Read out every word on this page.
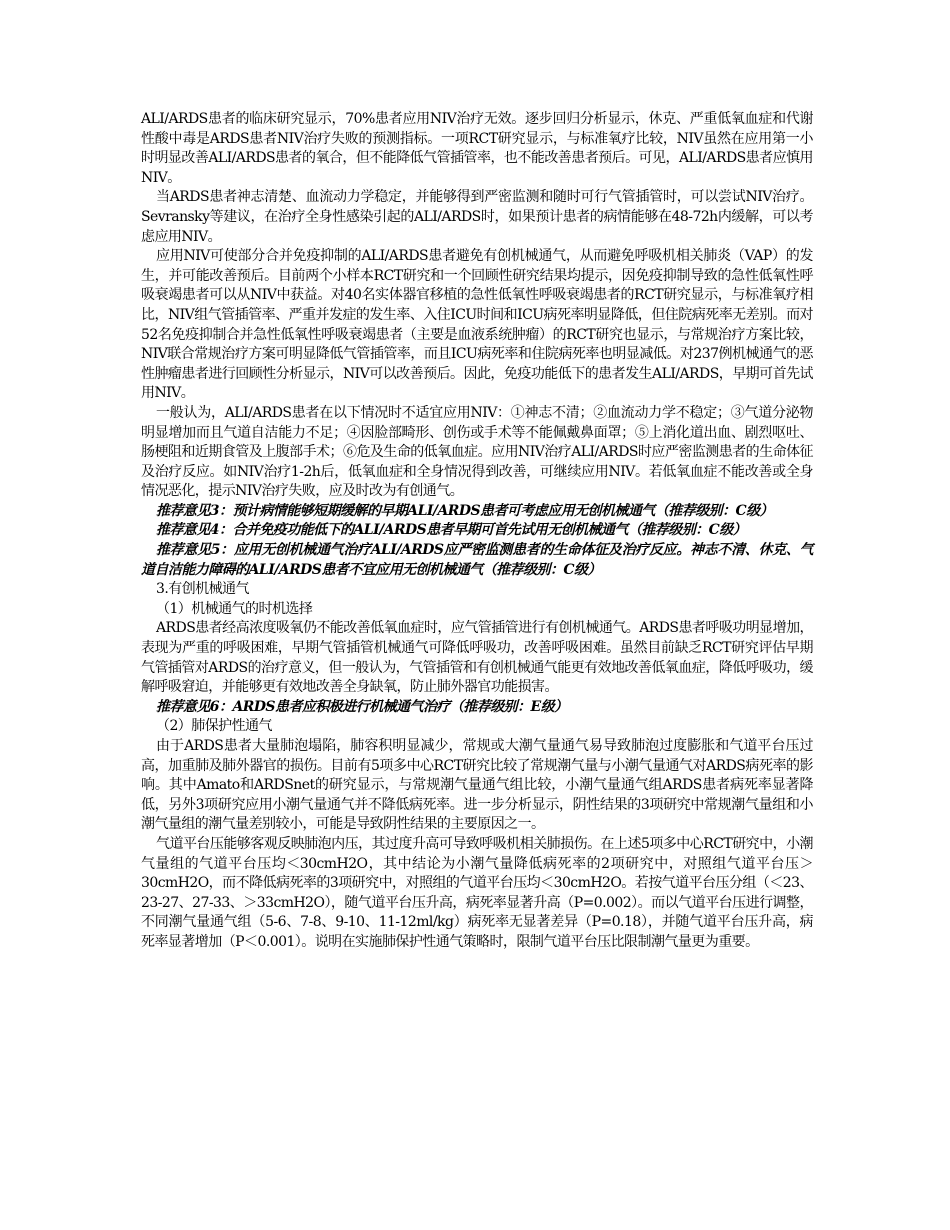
ALI/ARDS患者的临床研究显示，70%患者应用NIV治疗无效。逐步回归分析显示，休克、严重低氧血症和代谢性酸中毒是ARDS患者NIV治疗失败的预测指标。一项RCT研究显示，与标准氧疗比较，NIV虽然在应用第一小时明显改善ALI/ARDS患者的氧合，但不能降低气管插管率，也不能改善患者预后。可见，ALI/ARDS患者应慎用NIV。

当ARDS患者神志清楚、血流动力学稳定，并能够得到严密监测和随时可行气管插管时，可以尝试NIV治疗。Sevransky等建议，在治疗全身性感染引起的ALI/ARDS时，如果预计患者的病情能够在48-72h内缓解，可以考虑应用NIV。

应用NIV可使部分合并免疫抑制的ALI/ARDS患者避免有创机械通气，从而避免呼吸机相关肺炎（VAP）的发生，并可能改善预后。目前两个小样本RCT研究和一个回顾性研究结果均提示，因免疫抑制导致的急性低氧性呼吸衰竭患者可以从NIV中获益。对40名实体器官移植的急性低氧性呼吸衰竭患者的RCT研究显示，与标准氧疗相比，NIV组气管插管率、严重并发症的发生率、入住ICU时间和ICU病死率明显降低，但住院病死率无差别。而对52名免疫抑制合并急性低氧性呼吸衰竭患者（主要是血液系统肿瘤）的RCT研究也显示，与常规治疗方案比较，NIV联合常规治疗方案可明显降低气管插管率，而且ICU病死率和住院病死率也明显减低。对237例机械通气的恶性肿瘤患者进行回顾性分析显示，NIV可以改善预后。因此，免疫功能低下的患者发生ALI/ARDS，早期可首先试用NIV。

一般认为，ALI/ARDS患者在以下情况时不适宜应用NIV：①神志不清；②血流动力学不稳定；③气道分泌物明显增加而且气道自洁能力不足；④因脸部畸形、创伤或手术等不能佩戴鼻面罩；⑤上消化道出血、剧烈呕吐、肠梗阻和近期食管及上腹部手术；⑥危及生命的低氧血症。应用NIV治疗ALI/ARDS时应严密监测患者的生命体征及治疗反应。如NIV治疗1-2h后，低氧血症和全身情况得到改善，可继续应用NIV。若低氧血症不能改善或全身情况恶化，提示NIV治疗失败，应及时改为有创通气。

推荐意见3：预计病情能够短期缓解的早期ALI/ARDS患者可考虑应用无创机械通气（推荐级别：C级）

推荐意见4：合并免疫功能低下的ALI/ARDS患者早期可首先试用无创机械通气（推荐级别：C级）

推荐意见5：应用无创机械通气治疗ALI/ARDS应严密监测患者的生命体征及治疗反应。神志不清、休克、气道自洁能力障碍的ALI/ARDS患者不宜应用无创机械通气（推荐级别：C级）

3.有创机械通气

（1）机械通气的时机选择

ARDS患者经高浓度吸氧仍不能改善低氧血症时，应气管插管进行有创机械通气。ARDS患者呼吸功明显增加，表现为严重的呼吸困难，早期气管插管机械通气可降低呼吸功，改善呼吸困难。虽然目前缺乏RCT研究评估早期气管插管对ARDS的治疗意义，但一般认为，气管插管和有创机械通气能更有效地改善低氧血症，降低呼吸功，缓解呼吸窘迫，并能够更有效地改善全身缺氧，防止肺外器官功能损害。

推荐意见6：ARDS患者应积极进行机械通气治疗（推荐级别：E级）

（2）肺保护性通气

由于ARDS患者大量肺泡塌陷，肺容积明显减少，常规或大潮气量通气易导致肺泡过度膨胀和气道平台压过高，加重肺及肺外器官的损伤。目前有5项多中心RCT研究比较了常规潮气量与小潮气量通气对ARDS病死率的影响。其中Amato和ARDSnet的研究显示，与常规潮气量通气组比较，小潮气量通气组ARDS患者病死率显著降低，另外3项研究应用小潮气量通气并不降低病死率。进一步分析显示，阴性结果的3项研究中常规潮气量组和小潮气量组的潮气量差别较小，可能是导致阴性结果的主要原因之一。

气道平台压能够客观反映肺泡内压，其过度升高可导致呼吸机相关肺损伤。在上述5项多中心RCT研究中，小潮气量组的气道平台压均＜30cmH2O，其中结论为小潮气量降低病死率的2项研究中，对照组气道平台压＞30cmH2O，而不降低病死率的3项研究中，对照组的气道平台压均＜30cmH2O。若按气道平台压分组（＜23、23-27、27-33、＞33cmH2O），随气道平台压升高，病死率显著升高（P=0.002）。而以气道平台压进行调整，不同潮气量通气组（5-6、7-8、9-10、11-12ml/kg）病死率无显著差异（P=0.18），并随气道平台压升高，病死率显著增加（P＜0.001）。说明在实施肺保护性通气策略时，限制气道平台压比限制潮气量更为重要。
